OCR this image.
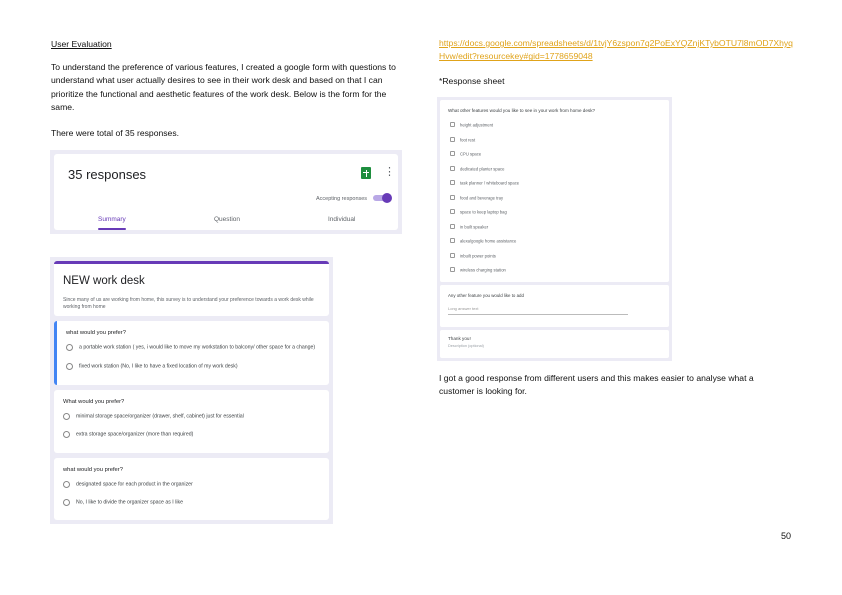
User Evaluation
To understand the preference of various features, I created a google form with questions to understand what user actually desires to see in their work desk and based on that I can prioritize the functional and aesthetic features of the work desk. Below is the form for the same.
There were total of 35 responses.
35 responses	⋮
Accepting responses
Summary	Question	Individual
NEW work desk
Since many of us are working from home, this survey is to understand your preference towards a work desk while working from home
what would you prefer?
a portable work station ( yes, i would like to move my workstation to balcony/ other space for a change)
fixed work station (No, I like to have a fixed location of my work desk)
What would you prefer?
minimal storage space/organizer (drawer, shelf, cabinet) just for essential
extra storage space/organizer (more than required)
what would you prefer?
designated space for each product in the organizer
No, I like to divide the organizer space as I like
https://docs.google.com/spreadsheets/d/1tvjY6zspon7q2PoExYQZnjKTybOTU7l8mOD7XhyqHvw/edit?resourcekey#gid=1778659048
*Response sheet
What other features would you like to see in your work from home desk?
height adjustment
foot rest
CPU space
dedicated planter space
task planner / whiteboard space
food and beverage tray
space to keep laptop bag
in built speaker
alexa/google home assistance
inbuilt power points
wireless charging station
Any other feature you would like to add
Long answer text
Thank you!
Description (optional)
I got a good response from different users and this makes easier to analyse what a customer is looking for.
50
